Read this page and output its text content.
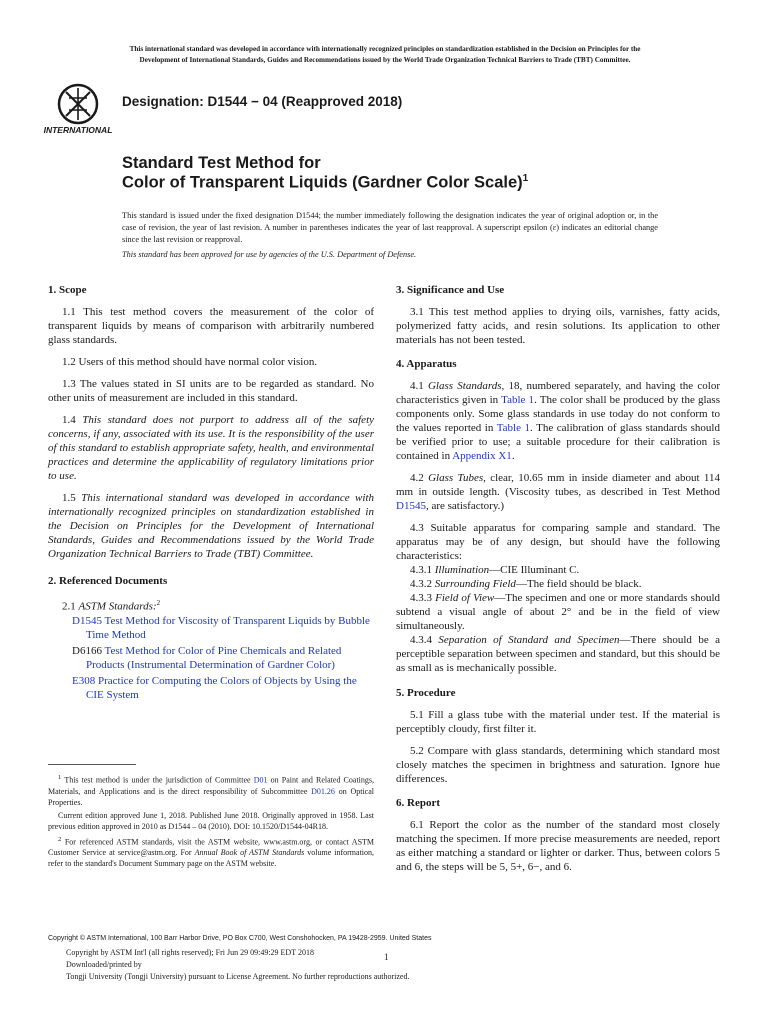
This international standard was developed in accordance with internationally recognized principles on standardization established in the Decision on Principles for the
Development of International Standards, Guides and Recommendations issued by the World Trade Organization Technical Barriers to Trade (TBT) Committee.
INTERNATIONAL
Designation: D1544 − 04 (Reapproved 2018)
Standard Test Method for
Color of Transparent Liquids (Gardner Color Scale)$^1$
This standard is issued under the fixed designation D1544; the number immediately following the designation indicates the year of original adoption or, in the case of revision, the year of last revision. A number in parentheses indicates the year of last reapproval. A superscript epsilon (ε) indicates an editorial change since the last revision or reapproval.
This standard has been approved for use by agencies of the U.S. Department of Defense.
1. Scope

1.1 This test method covers the measurement of the color of transparent liquids by means of comparison with arbitrarily numbered glass standards.

1.2 Users of this method should have normal color vision.

1.3 The values stated in SI units are to be regarded as standard. No other units of measurement are included in this standard.

1.4 This standard does not purport to address all of the safety concerns, if any, associated with its use. It is the responsibility of the user of this standard to establish appropriate safety, health, and environmental practices and determine the applicability of regulatory limitations prior to use.

1.5 This international standard was developed in accordance with internationally recognized principles on standardization established in the Decision on Principles for the Development of International Standards, Guides and Recommendations issued by the World Trade Organization Technical Barriers to Trade (TBT) Committee.

2. Referenced Documents

2.1 ASTM Standards:$^2$

D1545 Test Method for Viscosity of Transparent Liquids by Bubble Time Method
D6166 Test Method for Color of Pine Chemicals and Related Products (Instrumental Determination of Gardner Color)
E308 Practice for Computing the Colors of Objects by Using the CIE System

$^1$ This test method is under the jurisdiction of Committee D01 on Paint and Related Coatings, Materials, and Applications and is the direct responsibility of Subcommittee D01.26 on Optical Properties.

Current edition approved June 1, 2018. Published June 2018. Originally approved in 1958. Last previous edition approved in 2010 as D1544 – 04 (2010). DOI: 10.1520/D1544-04R18.

$^2$ For referenced ASTM standards, visit the ASTM website, www.astm.org, or contact ASTM Customer Service at service@astm.org. For Annual Book of ASTM Standards volume information, refer to the standard's Document Summary page on the ASTM website.

3. Significance and Use

3.1 This test method applies to drying oils, varnishes, fatty acids, polymerized fatty acids, and resin solutions. Its application to other materials has not been tested.

4. Apparatus

4.1 Glass Standards, 18, numbered separately, and having the color characteristics given in Table 1. The color shall be produced by the glass components only. Some glass standards in use today do not conform to the values reported in Table 1. The calibration of glass standards should be verified prior to use; a suitable procedure for their calibration is contained in Appendix X1.

4.2 Glass Tubes, clear, 10.65 mm in inside diameter and about 114 mm in outside length. (Viscosity tubes, as described in Test Method D1545, are satisfactory.)

4.3 Suitable apparatus for comparing sample and standard. The apparatus may be of any design, but should have the following characteristics:

4.3.1 Illumination—CIE Illuminant C.

4.3.2 Surrounding Field—The field should be black.

4.3.3 Field of View—The specimen and one or more standards should subtend a visual angle of about 2° and be in the field of view simultaneously.

4.3.4 Separation of Standard and Specimen—There should be a perceptible separation between specimen and standard, but this should be as small as is mechanically possible.

5. Procedure

5.1 Fill a glass tube with the material under test. If the material is perceptibly cloudy, first filter it.

5.2 Compare with glass standards, determining which standard most closely matches the specimen in brightness and saturation. Ignore hue differences.

6. Report

6.1 Report the color as the number of the standard most closely matching the specimen. If more precise measurements are needed, report as either matching a standard or lighter or darker. Thus, between colors 5 and 6, the steps will be 5, 5+, 6−, and 6.

Copyright © ASTM International, 100 Barr Harbor Drive, PO Box C700, West Conshohocken, PA 19428-2959. United States
Copyright by ASTM Int'l (all rights reserved); Fri Jun 29 09:49:29 EDT 2018
Downloaded/printed by
Tongji University (Tongji University) pursuant to License Agreement. No further reproductions authorized.
1
